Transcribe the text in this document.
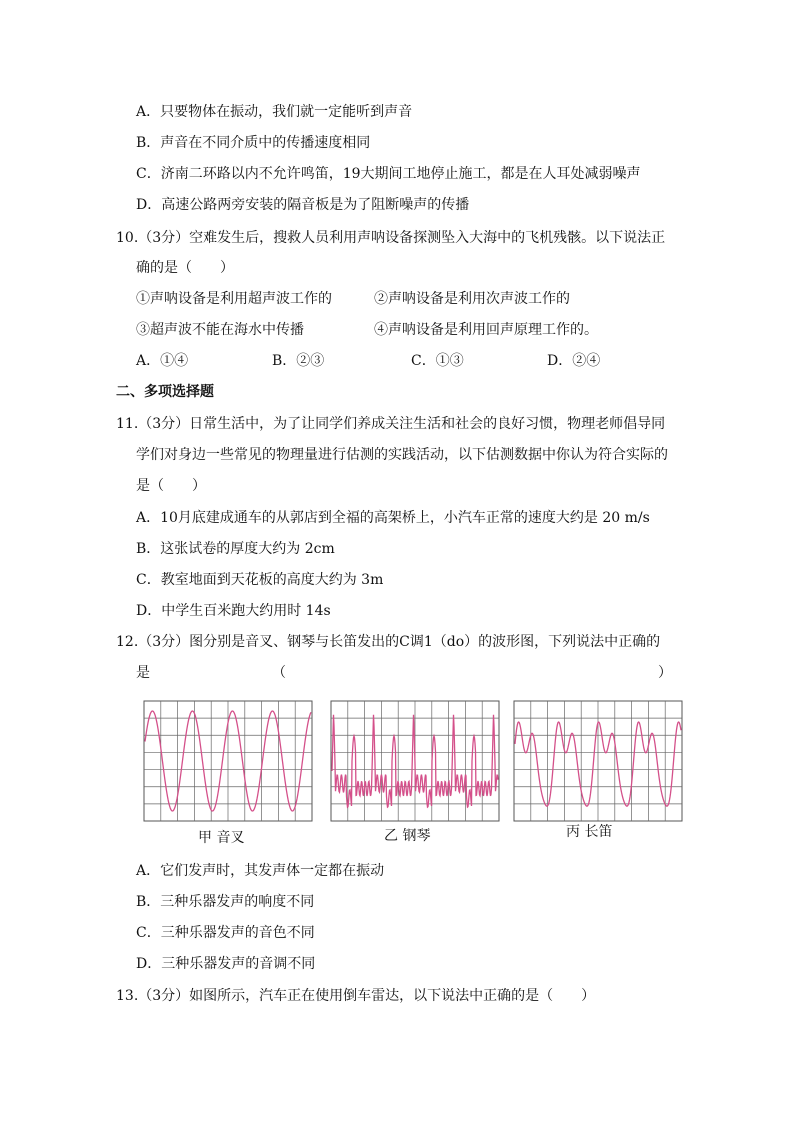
A．只要物体在振动，我们就一定能听到声音
B．声音在不同介质中的传播速度相同
C．济南二环路以内不允许鸣笛，19大期间工地停止施工，都是在人耳处减弱噪声
D．高速公路两旁安装的隔音板是为了阻断噪声的传播
10.（3分）空难发生后，搜救人员利用声呐设备探测坠入大海中的飞机残骸。以下说法正
确的是（　　）
①声呐设备是利用超声波工作的	②声呐设备是利用次声波工作的
③超声波不能在海水中传播	④声呐设备是利用回声原理工作的。
A．①④	B．②③	C．①③	D．②④
二、多项选择题
11.（3分）日常生活中，为了让同学们养成关注生活和社会的良好习惯，物理老师倡导同
学们对身边一些常见的物理量进行估测的实践活动，以下估测数据中你认为符合实际的
是（　　）
A．10月底建成通车的从郭店到全福的高架桥上，小汽车正常的速度大约是 20 m/s
B．这张试卷的厚度大约为 2cm
C．教室地面到天花板的高度大约为 3m
D．中学生百米跑大约用时 14s
12.（3分）图分别是音叉、钢琴与长笛发出的C调1（do）的波形图，下列说法中正确的
是	（	）
甲 音叉	乙 钢琴	丙 长笛
A．它们发声时，其发声体一定都在振动
B．三种乐器发声的响度不同
C．三种乐器发声的音色不同
D．三种乐器发声的音调不同
13.（3分）如图所示，汽车正在使用倒车雷达，以下说法中正确的是（　　）
